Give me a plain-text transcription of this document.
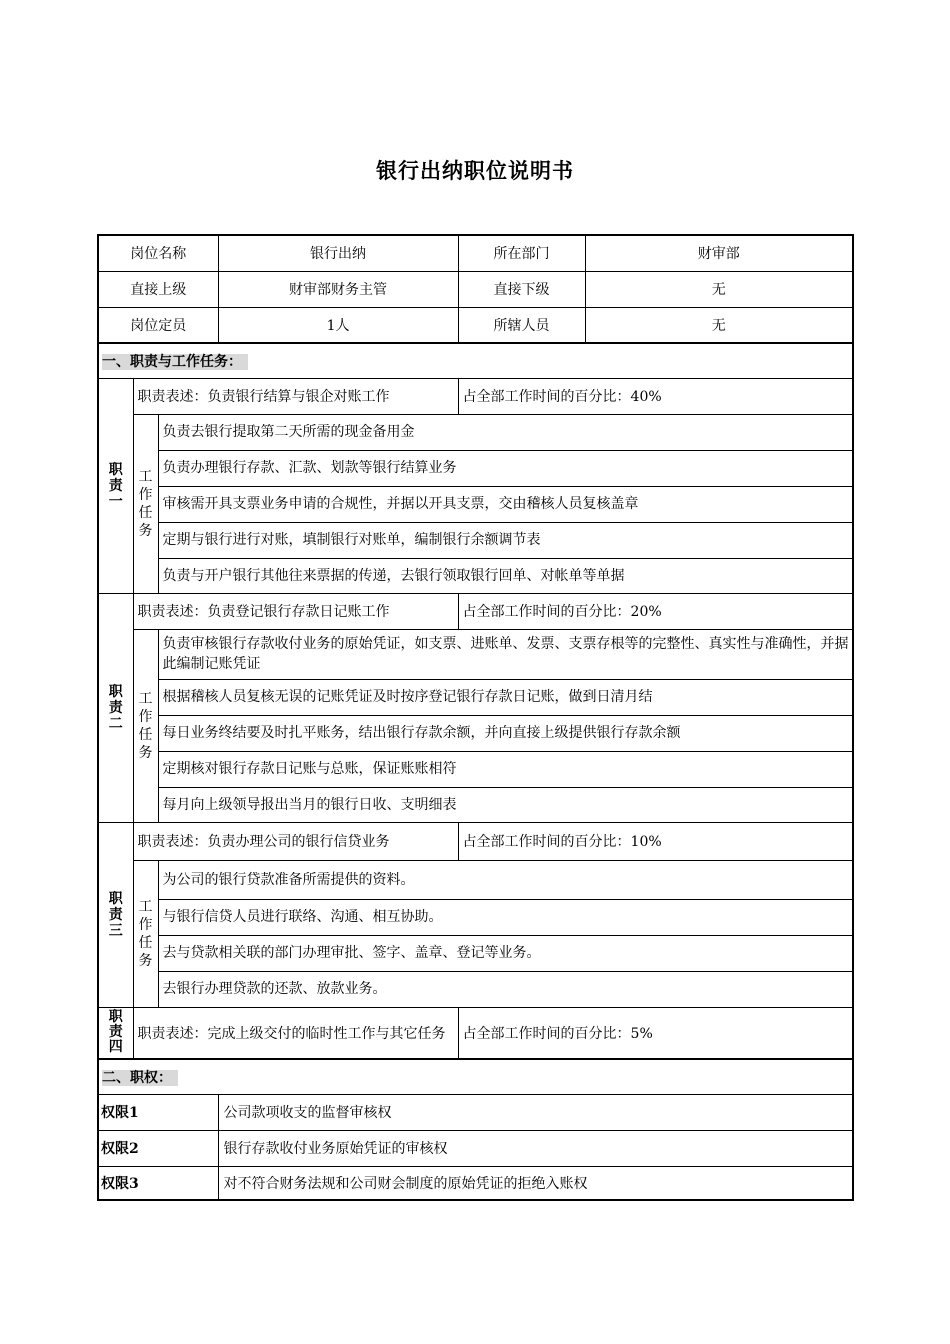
银行出纳职位说明书
岗位名称			银行出纳	所在部门	财审部
直接上级			财审部财务主管	直接下级	无
岗位定员			1人	所辖人员	无
一、职责与工作任务：					
职责一	职责表述：负责银行结算与银企对账工作			占全部工作时间的百分比：40%	
	工作任务	负责去银行提取第二天所需的现金备用金			
		负责办理银行存款、汇款、划款等银行结算业务			
		审核需开具支票业务申请的合规性，并据以开具支票，交由稽核人员复核盖章			
		定期与银行进行对账，填制银行对账单，编制银行余额调节表			
		负责与开户银行其他往来票据的传递，去银行领取银行回单、对帐单等单据			
职责二	职责表述：负责登记银行存款日记账工作			占全部工作时间的百分比：20%	
	工作任务	负责审核银行存款收付业务的原始凭证，如支票、进账单、发票、支票存根等的完整性、真实性与准确性，并据此编制记账凭证			
		根据稽核人员复核无误的记账凭证及时按序登记银行存款日记账，做到日清月结			
		每日业务终结要及时扎平账务，结出银行存款余额，并向直接上级提供银行存款余额			
		定期核对银行存款日记账与总账，保证账账相符			
		每月向上级领导报出当月的银行日收、支明细表			
职责三	职责表述：负责办理公司的银行信贷业务			占全部工作时间的百分比：10%	
	工作任务	为公司的银行贷款准备所需提供的资料。			
		与银行信贷人员进行联络、沟通、相互协助。			
		去与贷款相关联的部门办理审批、签字、盖章、登记等业务。			
		去银行办理贷款的还款、放款业务。			
职责四	职责表述：完成上级交付的临时性工作与其它任务			占全部工作时间的百分比：5%	
二、职权：					
权限1			公司款项收支的监督审核权		
权限2			银行存款收付业务原始凭证的审核权		
权限3			对不符合财务法规和公司财会制度的原始凭证的拒绝入账权		
